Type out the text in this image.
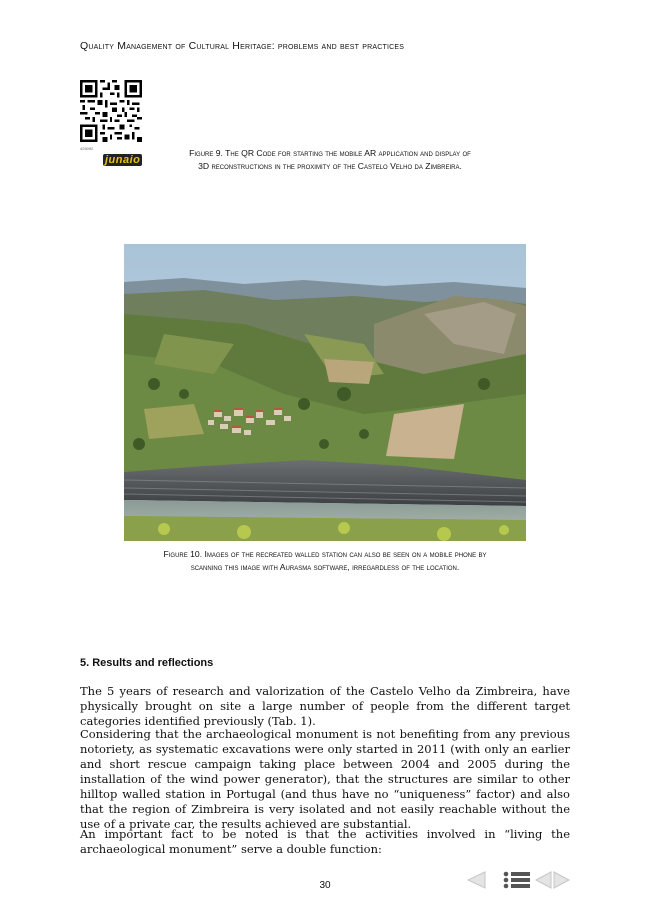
Quality Management of Cultural Heritage: problems and best practices
425092
junaio
Figure 9. The QR Code for starting the mobile AR application and display of
3D reconstructions in the proximity of the Castelo Velho da Zimbreira.
Figure 10. Images of the recreated walled station can also be seen on a mobile phone by
scanning this image with Aurasma software, irregardless of the location.
5. Results and reflections

The 5 years of research and valorization of the Castelo Velho da Zimbreira, have physically brought on site a large number of people from the different target categories identified previously (Tab. 1).

Considering that the archaeological monument is not benefiting from any previous notoriety, as systematic excavations were only started in 2011 (with only an earlier and short rescue campaign taking place between 2004 and 2005 during the installation of the wind power generator), that the structures are similar to other hilltop walled station in Portugal (and thus have no “uniqueness” factor) and also that the region of Zimbreira is very isolated and not easily reachable without the use of a private car, the results achieved are substantial.

An important fact to be noted is that the activities involved in “living the archaeological monument” serve a double function:

30
